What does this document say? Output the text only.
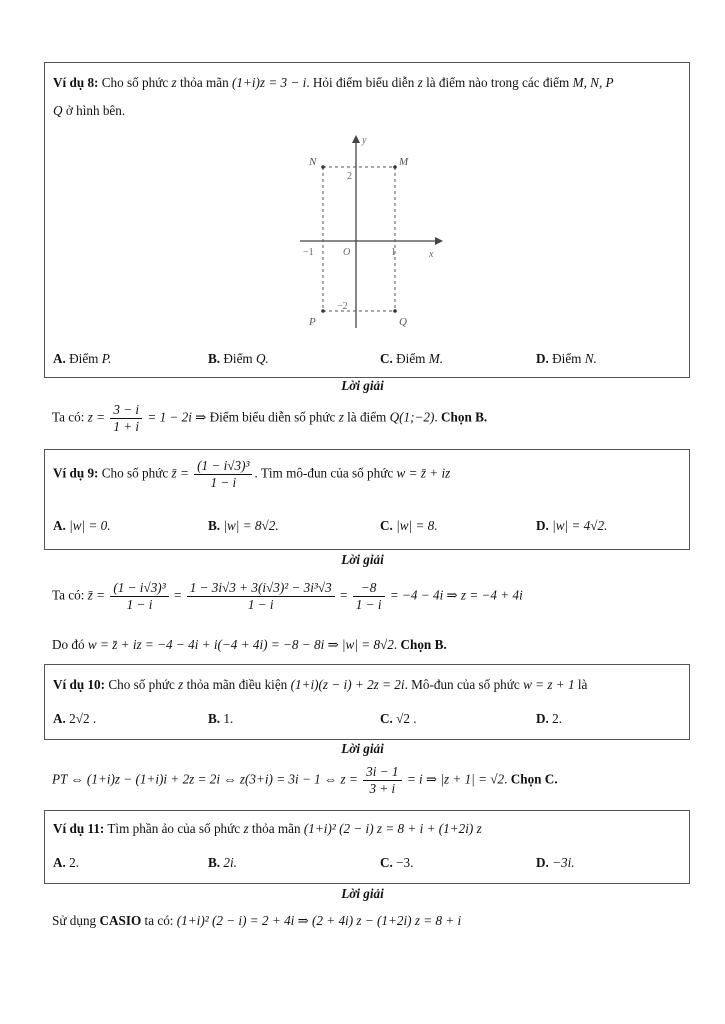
Ví dụ 8: Cho số phức z thỏa mãn (1+i)z = 3 − i. Hỏi điểm biểu diễn z là điểm nào trong các điểm M, N, P
Q ở hình bên.
y
x
O
2
−1	1
−2
N	M
P	Q
A. Điểm P.	B. Điểm Q.	C. Điểm M.	D. Điểm N.
Lời giải
Ta có: $z = \frac{3 - i}{1 + i} = 1 - 2i$ ⇒ Điểm biểu diễn số phức z là điểm Q(1;−2). Chọn B.
Ví dụ 9: Cho số phức z̄ = $\frac{\text{(1 − i√3)³}}{1 - i}$ . Tìm mô-đun của số phức w = z̄ + iz
A. |w| = 0.	B. |w| = 8√2.	C. |w| = 8.	D. |w| = 4√2.
Lời giải
Ta có: z̄ = $\frac{\text{(1 − i√3)³}}{1 - i} = \frac{\text{1 − 3i√3 + 3(i√3)² − 3i³√3}}{1 - i} = \frac{-8}{1 - i} = -4 - 4i$ ⇒ z = −4 + 4i
Do đó w = z̄ + iz = −4 − 4i + i(−4 + 4i) = −8 − 8i ⇒ |w| = 8√2. Chọn B.
Ví dụ 10: Cho số phức z thỏa mãn điều kiện (1+i)(z − i) + 2z = 2i. Mô-đun của số phức w = z + 1 là
A. 2√2 .	B. 1.	C. √2 .	D. 2.
Lời giải
PT ⇔ (1+i)z − (1+i)i + 2z = 2i ⇔ z(3+i) = 3i − 1 ⇔ $z = \frac{3i - 1}{3 + i} = i$ ⇒ |z + 1| = √2. Chọn C.
Ví dụ 11: Tìm phần ảo của số phức z thỏa mãn (1+i)² (2 − i) z = 8 + i + (1+2i) z
A. 2.	B. 2i.	C. −3.	D. −3i.
Lời giải
Sử dụng CASIO ta có: (1+i)² (2 − i) = 2 + 4i ⇒ (2 + 4i) z − (1+2i) z = 8 + i
